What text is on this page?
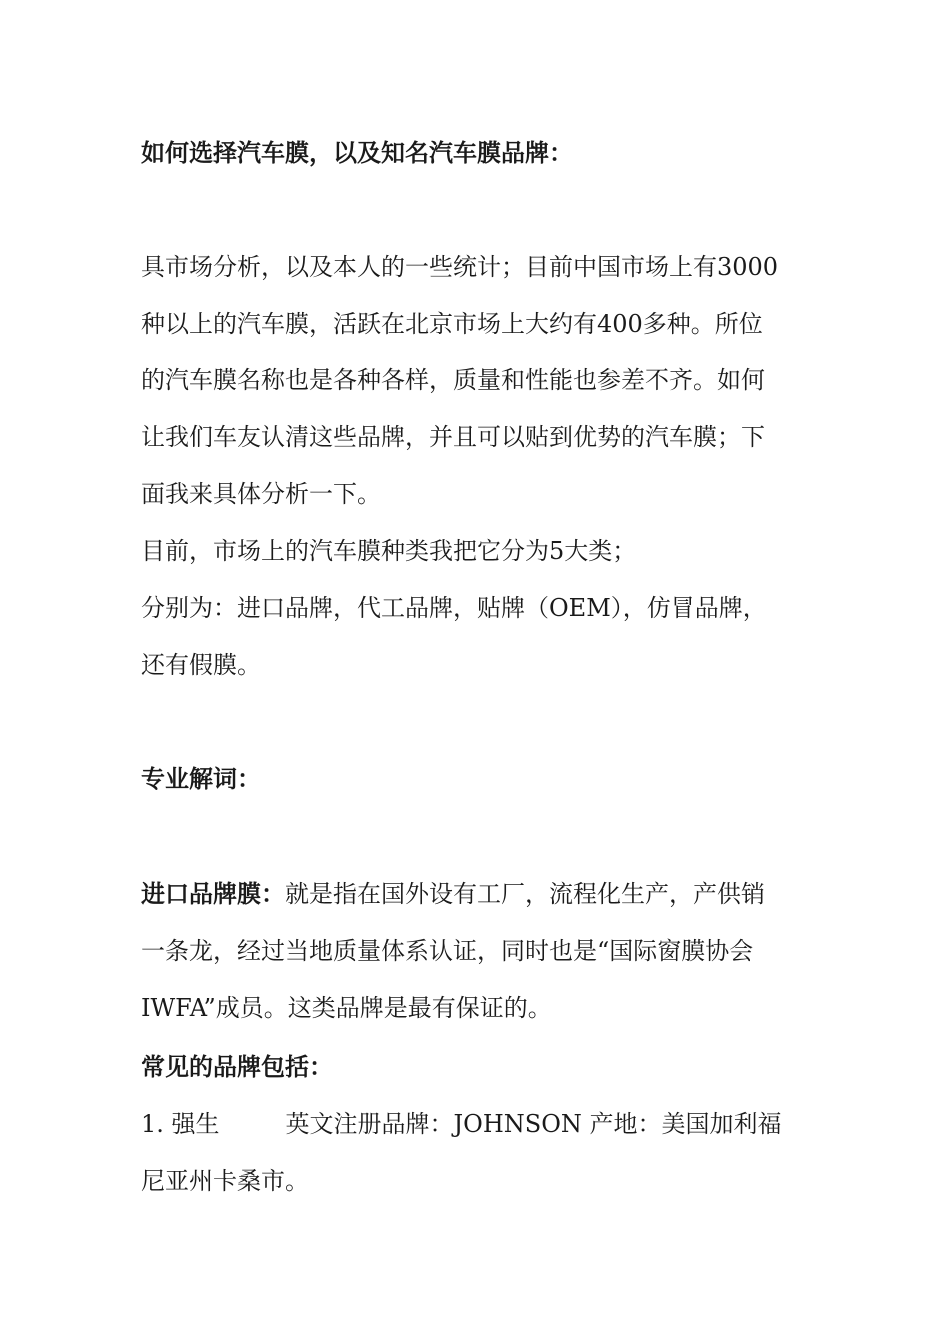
如何选择汽车膜，以及知名汽车膜品牌：
具市场分析，以及本人的一些统计；目前中国市场上有3000
种以上的汽车膜，活跃在北京市场上大约有400多种。所位
的汽车膜名称也是各种各样，质量和性能也参差不齐。如何
让我们车友认清这些品牌，并且可以贴到优势的汽车膜；下
面我来具体分析一下。
目前，市场上的汽车膜种类我把它分为5大类；
分别为：进口品牌，代工品牌，贴牌（OEM），仿冒品牌，
还有假膜。
专业解词：
进口品牌膜：就是指在国外设有工厂，流程化生产，产供销
一条龙，经过当地质量体系认证，同时也是“国际窗膜协会
IWFA”成员。这类品牌是最有保证的。
常见的品牌包括：
1. 强生	英文注册品牌：JOHNSON 产地：美国加利福
尼亚州卡桑市。
